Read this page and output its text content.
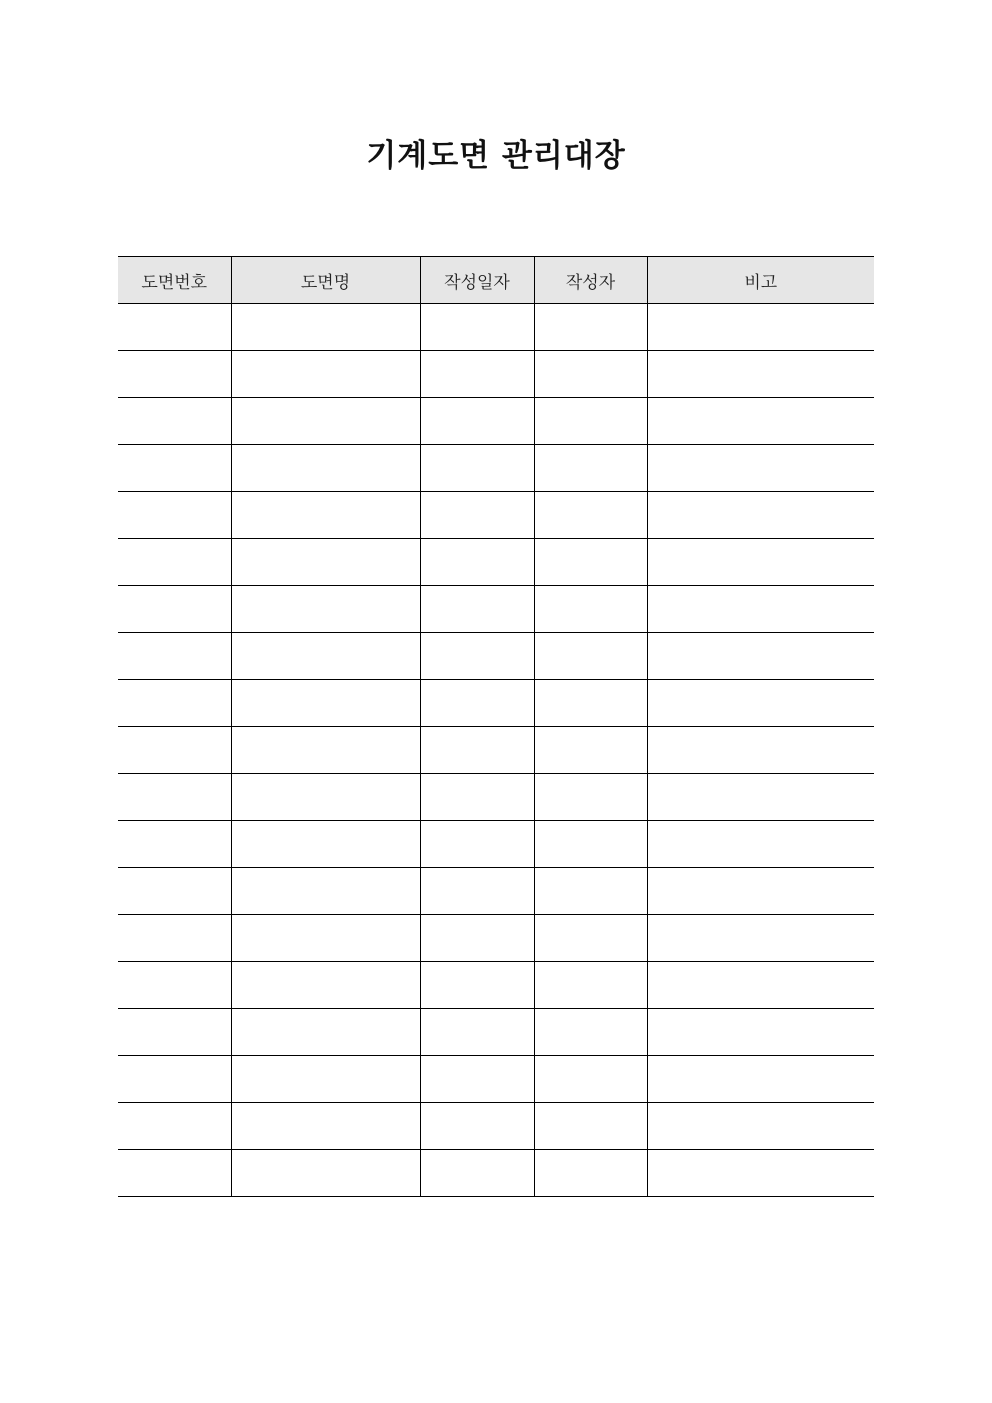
기계도면 관리대장
도면번호	도면명	작성일자	작성자	비고
